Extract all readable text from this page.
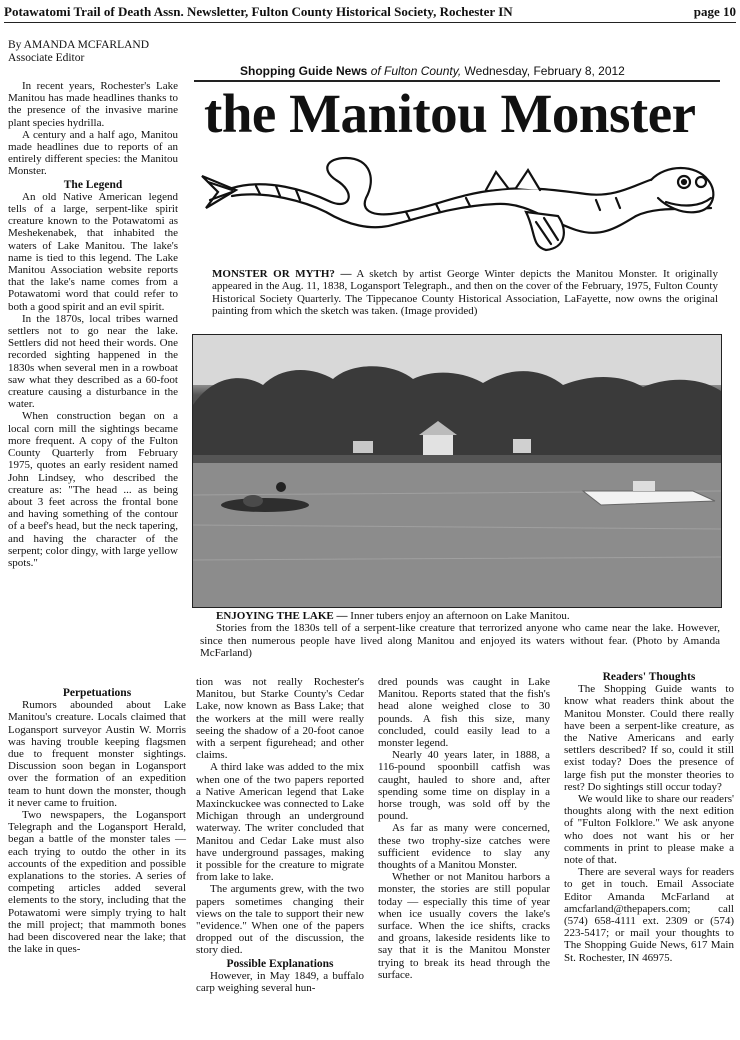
Potawatomi Trail of Death Assn. Newsletter, Fulton County Historical Society, Rochester IN	page 10
By AMANDA MCFARLAND
Associate Editor

In recent years, Rochester's Lake Manitou has made headlines thanks to the presence of the invasive marine plant species hydrilla.

A century and a half ago, Manitou made headlines due to reports of an entirely different species: the Manitou Monster.

The Legend

An old Native American legend tells of a large, serpent-like spirit creature known to the Potawatomi as Meshekenabek, that inhabited the waters of Lake Manitou. The lake's name is tied to this legend. The Lake Manitou Association website reports that the lake's name comes from a Potawatomi word that could refer to both a good spirit and an evil spirit.

In the 1870s, local tribes warned settlers not to go near the lake. Settlers did not heed their words. One recorded sighting happened in the 1830s when several men in a rowboat saw what they described as a 60-foot creature causing a disturbance in the water.

When construction began on a local corn mill the sightings became more frequent. A copy of the Fulton County Quarterly from February 1975, quotes an early resident named John Lindsey, who described the creature as: "The head ... as being about 3 feet across the frontal bone and having something of the contour of a beef's head, but the neck tapering, and having the character of the serpent; color dingy, with large yellow spots."

Shopping Guide News of Fulton County, Wednesday, February 8, 2012
the Manitou Monster
MONSTER OR MYTH? — A sketch by artist George Winter depicts the Manitou Monster. It originally appeared in the Aug. 11, 1838, Logansport Telegraph., and then on the cover of the February, 1975, Fulton County Historical Society Quarterly. The Tippecanoe County Historical Association, LaFayette, now owns the original painting from which the sketch was taken. (Image provided)
ENJOYING THE LAKE — Inner tubers enjoy an afternoon on Lake Manitou.
Stories from the 1830s tell of a serpent-like creature that terrorized anyone who came near the lake. However, since then numerous people have lived along Manitou and enjoyed its waters without fear. (Photo by Amanda McFarland)
Perpetuations

Rumors abounded about Lake Manitou's creature. Locals claimed that Logansport surveyor Austin W. Morris was having trouble keeping flagsmen due to frequent monster sightings. Discussion soon began in Logansport over the formation of an expedition team to hunt down the monster, though it never came to fruition.

Two newspapers, the Logansport Telegraph and the Logansport Herald, began a battle of the monster tales — each trying to outdo the other in its accounts of the expedition and possible explanations to the stories. A series of competing articles added several elements to the story, including that the Potawatomi were simply trying to halt the mill project; that mammoth bones had been discovered near the lake; that the lake in ques-

tion was not really Rochester's Manitou, but Starke County's Cedar Lake, now known as Bass Lake; that the workers at the mill were really seeing the shadow of a 20-foot canoe with a serpent figurehead; and other claims.

A third lake was added to the mix when one of the two papers reported a Native American legend that Lake Maxinckuckee was connected to Lake Michigan through an underground waterway. The writer concluded that Manitou and Cedar Lake must also have underground passages, making it possible for the creature to migrate from lake to lake.

The arguments grew, with the two papers sometimes changing their views on the tale to support their new "evidence." When one of the papers dropped out of the discussion, the story died.

Possible Explanations

However, in May 1849, a buffalo carp weighing several hun-

dred pounds was caught in Lake Manitou. Reports stated that the fish's head alone weighed close to 30 pounds. A fish this size, many concluded, could easily lead to a monster legend.

Nearly 40 years later, in 1888, a 116-pound spoonbill catfish was caught, hauled to shore and, after spending some time on display in a horse trough, was sold off by the pound.

As far as many were concerned, these two trophy-size catches were sufficient evidence to slay any thoughts of a Manitou Monster.

Whether or not Manitou harbors a monster, the stories are still popular today — especially this time of year when ice usually covers the lake's surface. When the ice shifts, cracks and groans, lakeside residents like to say that it is the Manitou Monster trying to break its head through the surface.

Readers' Thoughts

The Shopping Guide wants to know what readers think about the Manitou Monster. Could there really have been a serpent-like creature, as the Native Americans and early settlers described? If so, could it still exist today? Does the presence of large fish put the monster theories to rest? Do sightings still occur today?

We would like to share our readers' thoughts along with the next edition of "Fulton Folklore." We ask anyone who does not want his or her comments in print to please make a note of that.

There are several ways for readers to get in touch. Email Associate Editor Amanda McFarland at amcfarland@thepapers.com; call (574) 658-4111 ext. 2309 or (574) 223-5417; or mail your thoughts to The Shopping Guide News, 617 Main St. Rochester, IN 46975.
